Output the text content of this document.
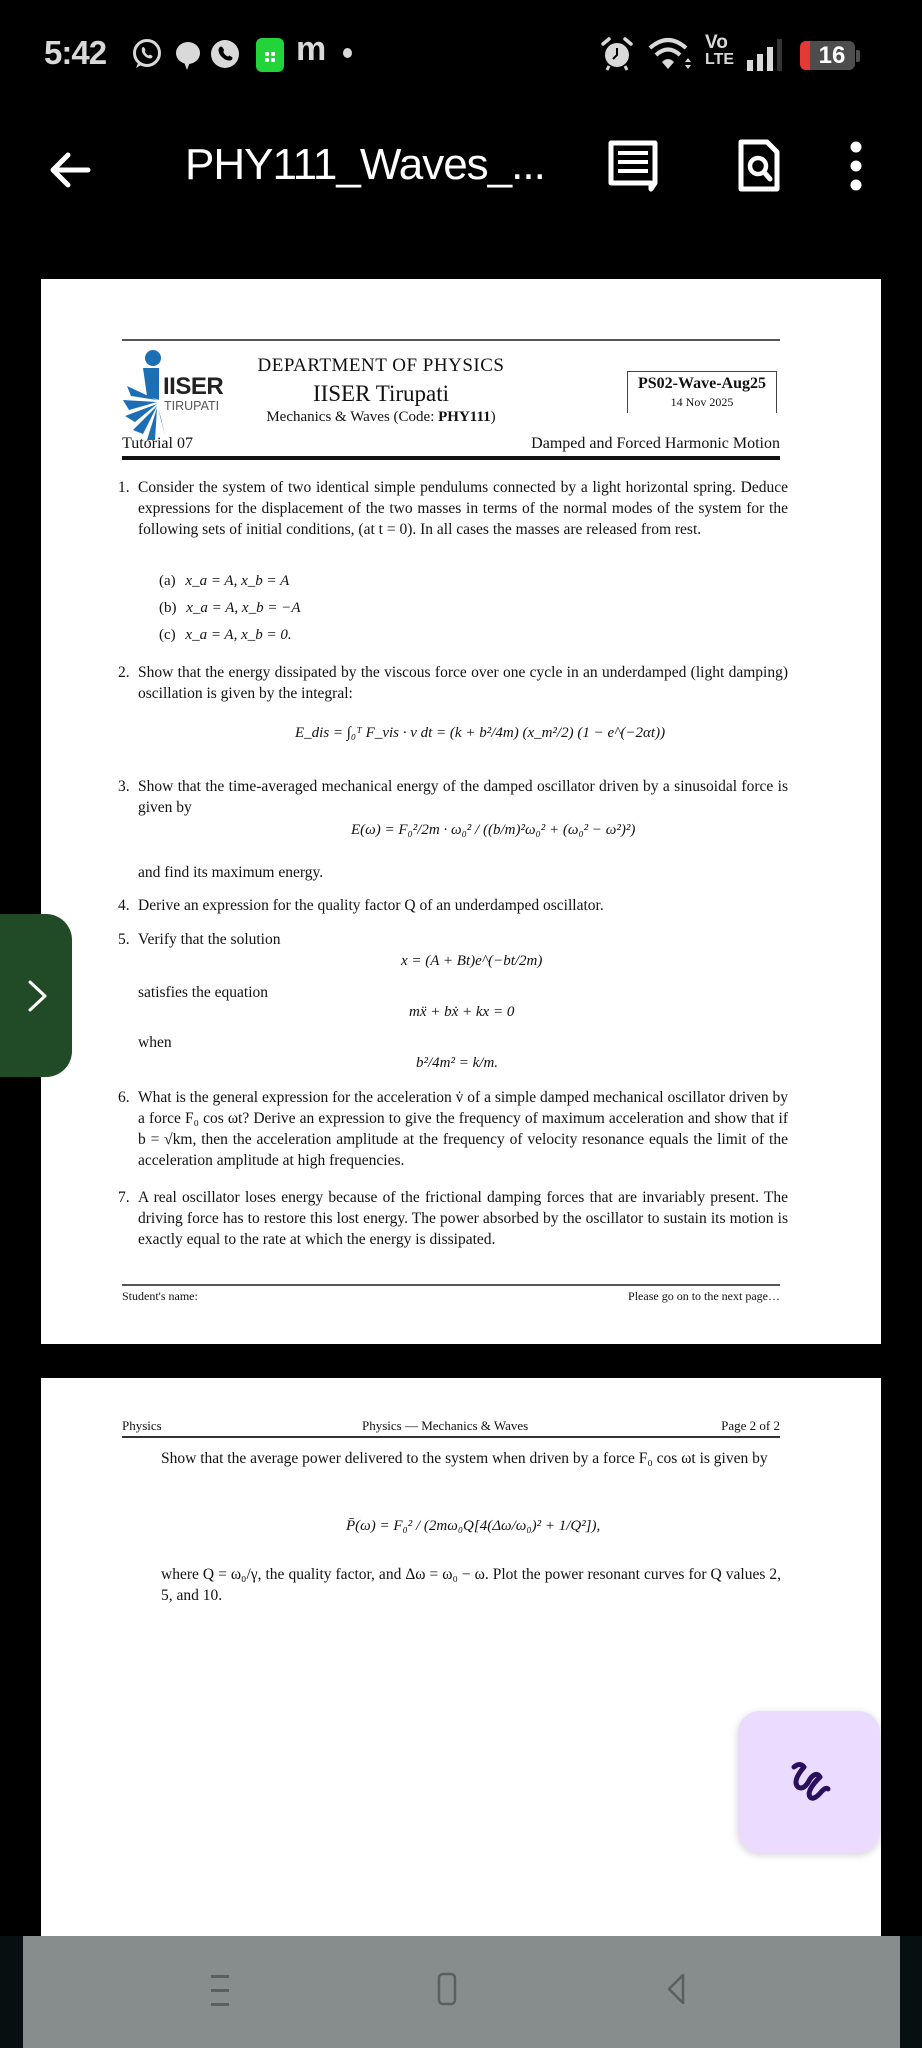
5:42	m	Vo
LTE	16
PHY111_Waves_...
IISER
TIRUPATI
DEPARTMENT OF PHYSICS
IISER Tirupati
Mechanics & Waves (Code: PHY111)
PS02-Wave-Aug25
14 Nov 2025
Tutorial 07	Damped and Forced Harmonic Motion
1. Consider the system of two identical simple pendulums connected by a light horizontal spring. Deduce expressions for the displacement of the two masses in terms of the normal modes of the system for the following sets of initial conditions, (at t = 0). In all cases the masses are released from rest.
(a) x_a = A, x_b = A
(b) x_a = A, x_b = −A
(c) x_a = A, x_b = 0.
2. Show that the energy dissipated by the viscous force over one cycle in an underdamped (light damping) oscillation is given by the integral:
E_dis = ∫₀ᵀ F_vis · v dt = (k + b²/4m) (x_m²/2) (1 − e^(−2αt))
3. Show that the time-averaged mechanical energy of the damped oscillator driven by a sinusoidal force is given by
E(ω) = F₀²/2m · ω₀² / ((b/m)²ω₀² + (ω₀² − ω²)²)
and find its maximum energy.
4. Derive an expression for the quality factor Q of an underdamped oscillator.
5. Verify that the solution
x = (A + Bt)e^(−bt/2m)
satisfies the equation
mẍ + bẋ + kx = 0
when
b²/4m² = k/m.
6. What is the general expression for the acceleration v̇ of a simple damped mechanical oscillator driven by a force F₀ cos ωt? Derive an expression to give the frequency of maximum acceleration and show that if b = √km, then the acceleration amplitude at the frequency of velocity resonance equals the limit of the acceleration amplitude at high frequencies.
7. A real oscillator loses energy because of the frictional damping forces that are invariably present. The driving force has to restore this lost energy. The power absorbed by the oscillator to sustain its motion is exactly equal to the rate at which the energy is dissipated.
Student's name:	Please go on to the next page…
Physics	Physics — Mechanics & Waves	Page 2 of 2
Show that the average power delivered to the system when driven by a force F₀ cos ωt is given by
P̄(ω) = F₀² / (2mω₀Q[4(Δω/ω₀)² + 1/Q²]),
where Q = ω₀/γ, the quality factor, and Δω = ω₀ − ω. Plot the power resonant curves for Q values 2, 5, and 10.
